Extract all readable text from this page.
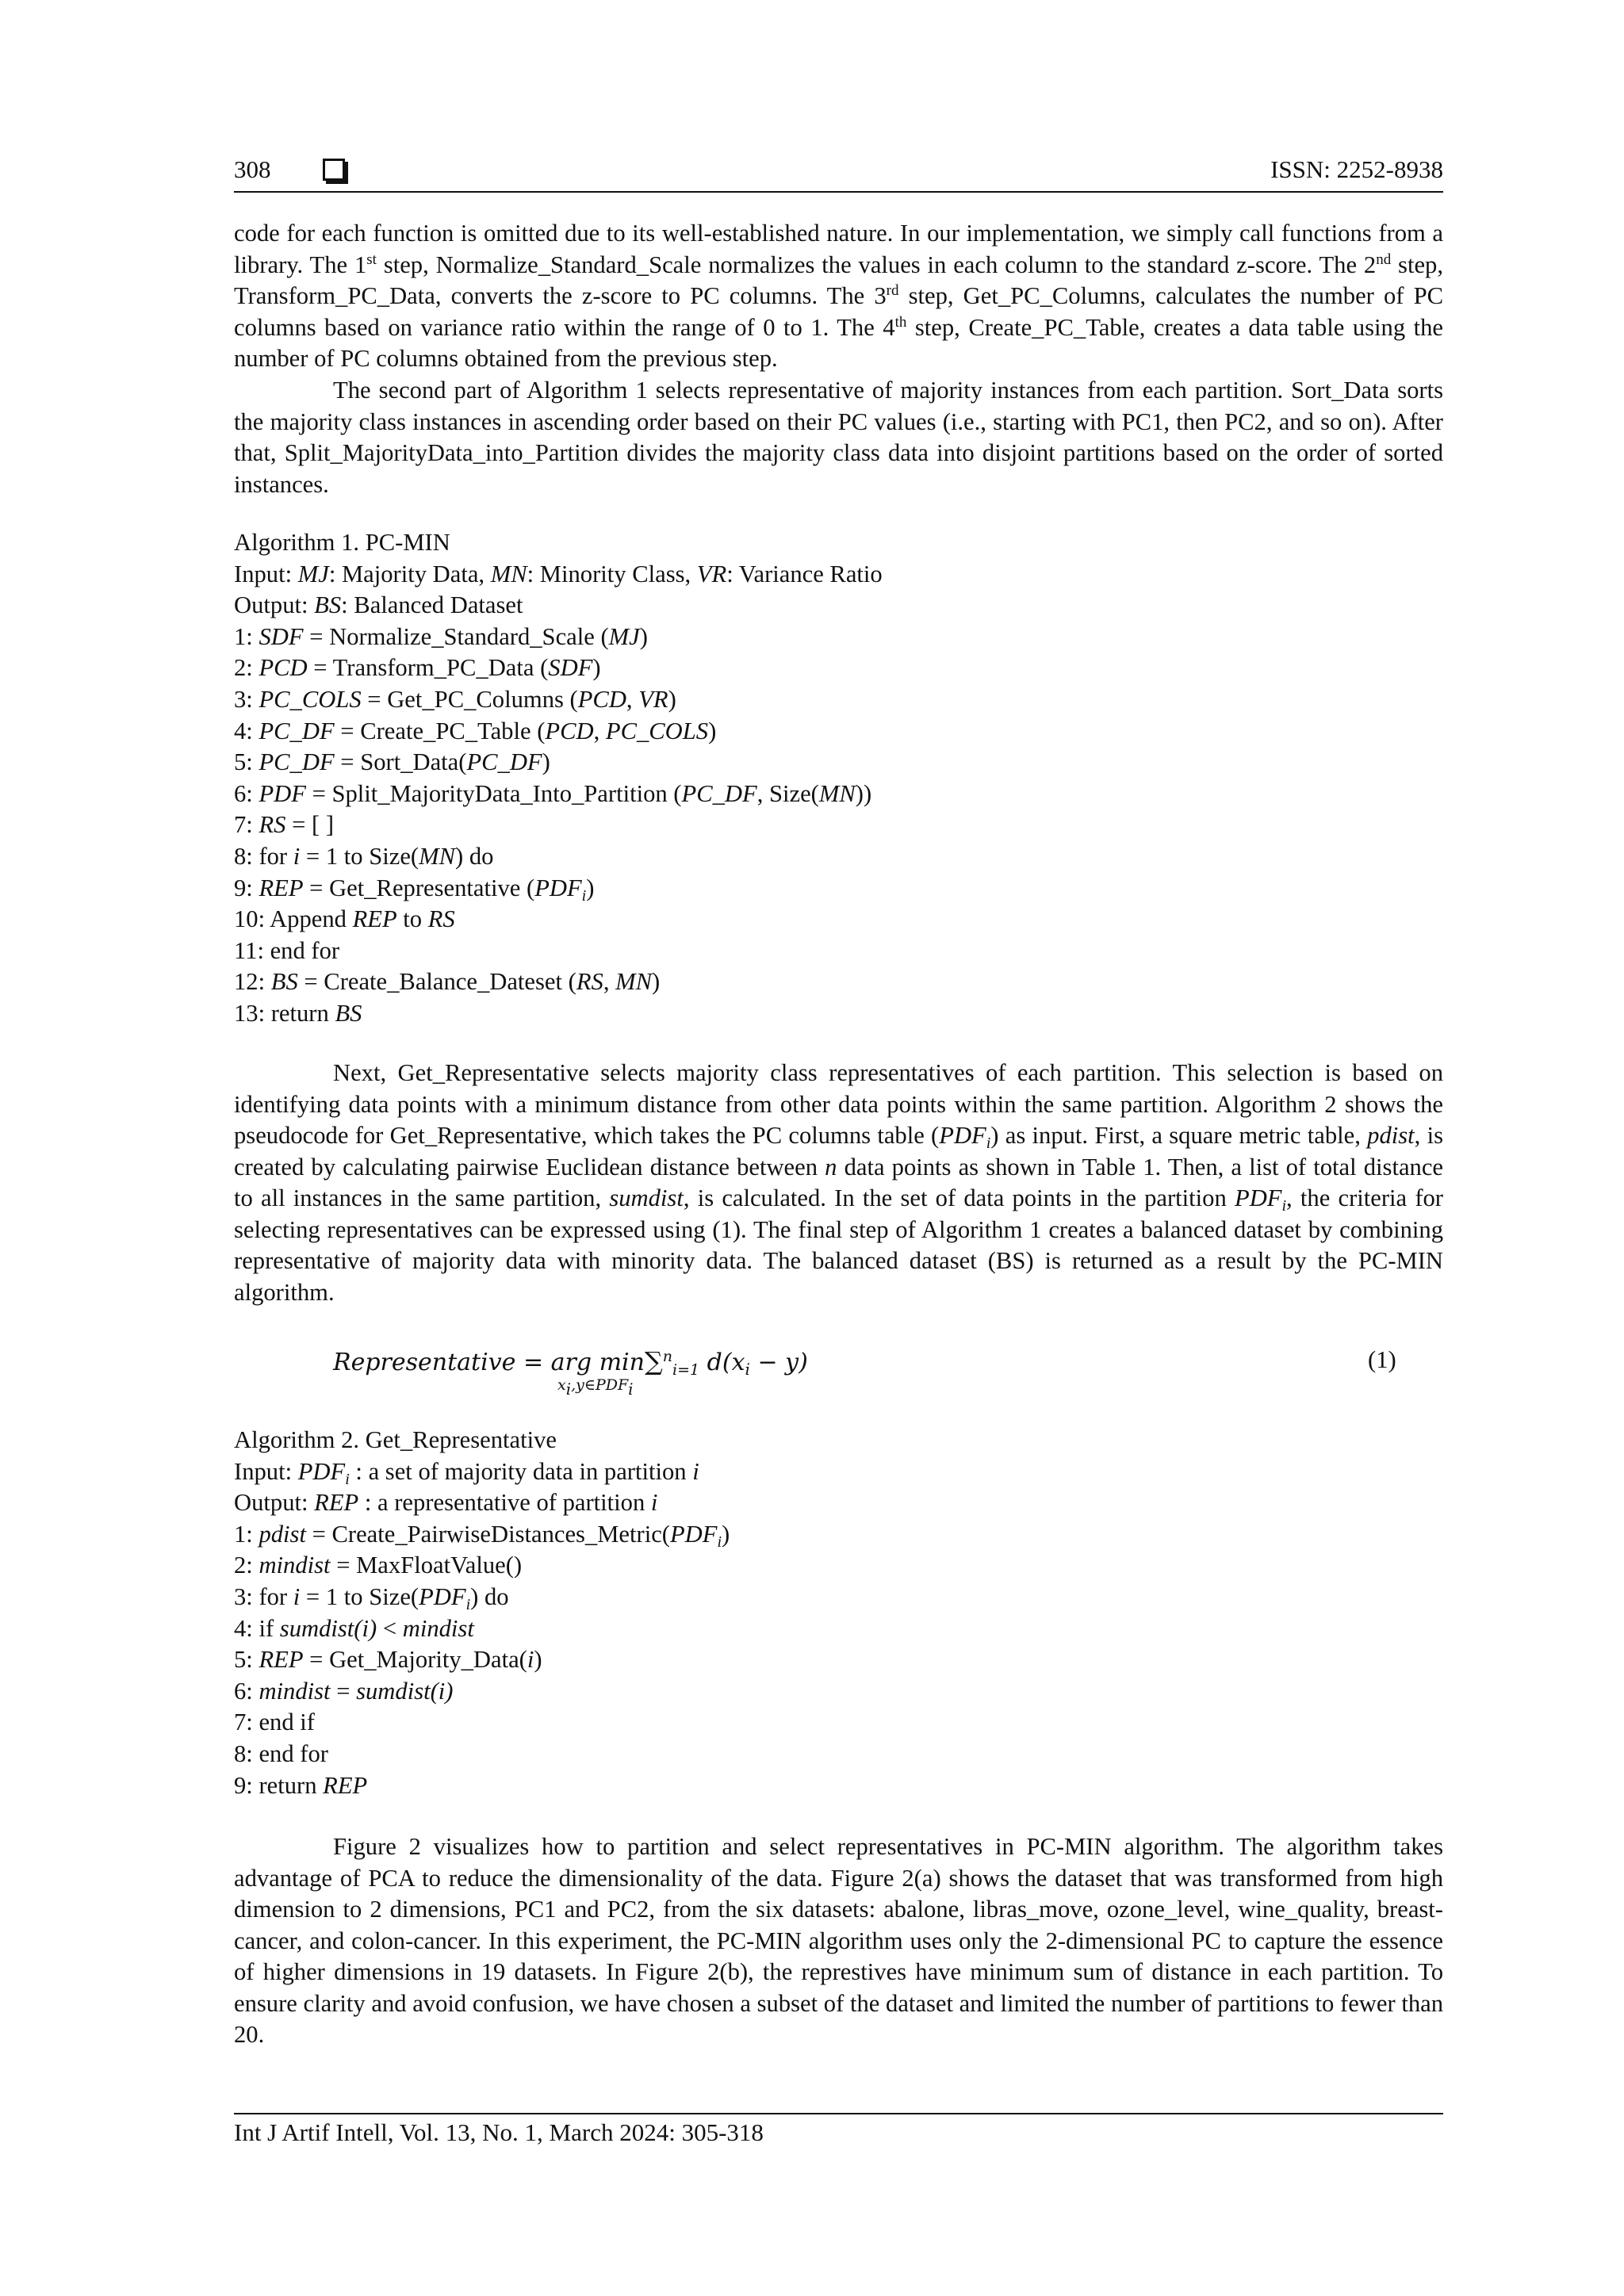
308	ISSN: 2252-8938

code for each function is omitted due to its well-established nature. In our implementation, we simply call functions from a library. The 1st step, Normalize_Standard_Scale normalizes the values in each column to the standard z-score. The 2nd step, Transform_PC_Data, converts the z-score to PC columns. The 3rd step, Get_PC_Columns, calculates the number of PC columns based on variance ratio within the range of 0 to 1. The 4th step, Create_PC_Table, creates a data table using the number of PC columns obtained from the previous step.

The second part of Algorithm 1 selects representative of majority instances from each partition. Sort_Data sorts the majority class instances in ascending order based on their PC values (i.e., starting with PC1, then PC2, and so on). After that, Split_MajorityData_into_Partition divides the majority class data into disjoint partitions based on the order of sorted instances.

Algorithm 1. PC-MIN
Input: MJ: Majority Data, MN: Minority Class, VR: Variance Ratio
Output: BS: Balanced Dataset
1: SDF = Normalize_Standard_Scale (MJ)
2: PCD = Transform_PC_Data (SDF)
3: PC_COLS = Get_PC_Columns (PCD, VR)
4: PC_DF = Create_PC_Table (PCD, PC_COLS)
5: PC_DF = Sort_Data(PC_DF)
6: PDF = Split_MajorityData_Into_Partition (PC_DF, Size(MN))
7: RS = [ ]
8: for i = 1 to Size(MN) do
9: REP = Get_Representative $(PDF_i)$
10: Append REP to RS
11: end for
12: BS = Create_Balance_Dateset (RS, MN)
13: return BS

Next, Get_Representative selects majority class representatives of each partition. This selection is based on identifying data points with a minimum distance from other data points within the same partition. Algorithm 2 shows the pseudocode for Get_Representative, which takes the PC columns table $(PDF_i)$ as input. First, a square metric table, pdist, is created by calculating pairwise Euclidean distance between n data points as shown in Table 1. Then, a list of total distance to all instances in the same partition, sumdist, is calculated. In the set of data points in the partition $PDF_i$, the criteria for selecting representatives can be expressed using (1). The final step of Algorithm 1 creates a balanced dataset by combining representative of majority data with minority data. The balanced dataset (BS) is returned as a result by the PC-MIN algorithm.

Representative = arg min∑$^n_{i=1}$ $d(x_i - y)$
$x_i,y\in PDF_i$
(1)
Algorithm 2. Get_Representative
Input: $PDF_i$ : a set of majority data in partition i
Output: REP : a representative of partition i
1: pdist = $Create\_PairwiseDistances\_Metric(PDF_i)$
2: mindist = MaxFloatValue()
3: for i = 1 to $Size(PDF_i)$ do
4: if sumdist(i) < mindist
5: REP = Get_Majority_Data(i)
6: mindist = sumdist(i)
7: end if
8: end for
9: return REP

Figure 2 visualizes how to partition and select representatives in PC-MIN algorithm. The algorithm takes advantage of PCA to reduce the dimensionality of the data. Figure 2(a) shows the dataset that was transformed from high dimension to 2 dimensions, PC1 and PC2, from the six datasets: abalone, libras_move, ozone_level, wine_quality, breast-cancer, and colon-cancer. In this experiment, the PC-MIN algorithm uses only the 2-dimensional PC to capture the essence of higher dimensions in 19 datasets. In Figure 2(b), the represtives have minimum sum of distance in each partition. To ensure clarity and avoid confusion, we have chosen a subset of the dataset and limited the number of partitions to fewer than 20.

Int J Artif Intell, Vol. 13, No. 1, March 2024: 305-318
